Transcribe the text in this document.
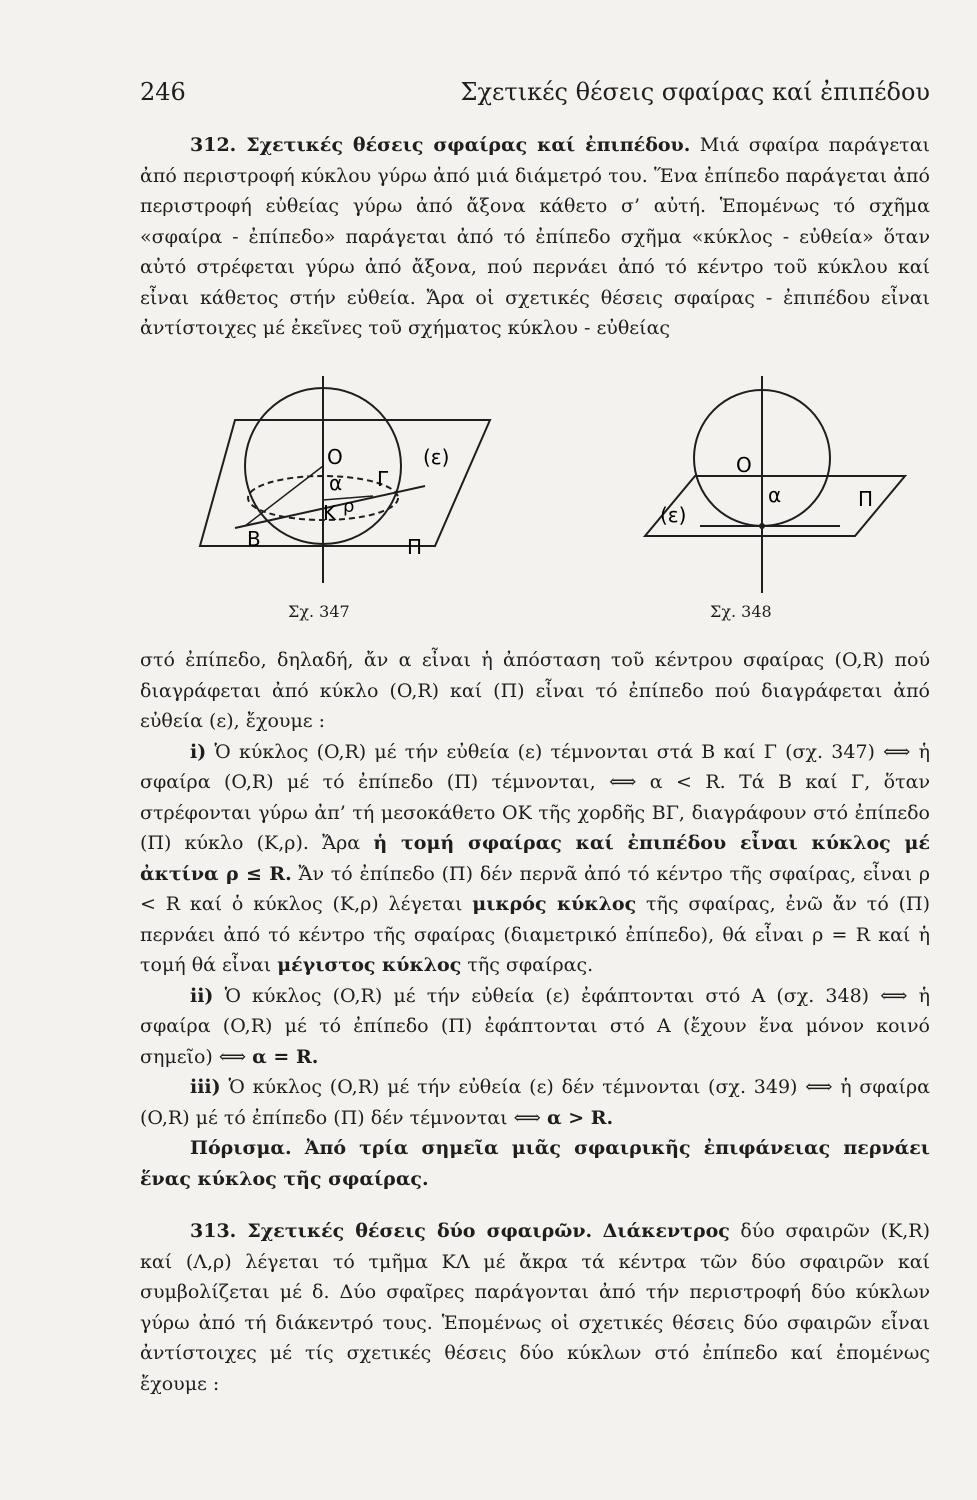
246	Σχετικές θέσεις σφαίρας καί ἐπιπέδου

312. Σχετικές θέσεις σφαίρας καί ἐπιπέδου. Μιά σφαίρα παράγεται ἀπό περιστροφή κύκλου γύρω ἀπό μιά διάμετρό του. Ἕνα ἐπίπεδο παράγεται ἀπό περιστροφή εὐθείας γύρω ἀπό ἄξονα κάθετο σ’ αὐτή. Ἑπομένως τό σχῆμα «σφαίρα - ἐπίπεδο» παράγεται ἀπό τό ἐπίπεδο σχῆμα «κύκλος - εὐθεία» ὅταν αὐτό στρέφεται γύρω ἀπό ἄξονα, πού περνάει ἀπό τό κέντρο τοῦ κύκλου καί εἶναι κάθετος στήν εὐθεία. Ἄρα οἱ σχετικές θέσεις σφαίρας - ἐπιπέδου εἶναι ἀντίστοιχες μέ ἐκεῖνες τοῦ σχήματος κύκλου - εὐθείας

O
α Γ
(ε)
K ρ
B	Π
Σχ. 347
O
α	Π
(ε)
Σχ. 348

στό ἐπίπεδο, δηλαδή, ἄν α εἶναι ἡ ἀπόσταση τοῦ κέντρου σφαίρας (O,R) πού διαγράφεται ἀπό κύκλο (O,R) καί (Π) εἶναι τό ἐπίπεδο πού διαγράφεται ἀπό εὐθεία (ε), ἔχουμε :

i) Ὁ κύκλος (O,R) μέ τήν εὐθεία (ε) τέμνονται στά B καί Γ (σχ. 347) ⟺ ἡ σφαίρα (O,R) μέ τό ἐπίπεδο (Π) τέμνονται, ⟺ α < R. Τά B καί Γ, ὅταν στρέφονται γύρω ἀπ’ τή μεσοκάθετο OK τῆς χορδῆς BΓ, διαγράφουν στό ἐπίπεδο (Π) κύκλο (K,ρ). Ἄρα ἡ τομή σφαίρας καί ἐπιπέδου εἶναι κύκλος μέ ἀκτίνα ρ ≤ R. Ἄν τό ἐπίπεδο (Π) δέν περνᾶ ἀπό τό κέντρο τῆς σφαίρας, εἶναι ρ < R καί ὁ κύκλος (K,ρ) λέγεται μικρός κύκλος τῆς σφαίρας, ἐνῶ ἄν τό (Π) περνάει ἀπό τό κέντρο τῆς σφαίρας (διαμετρικό ἐπίπεδο), θά εἶναι ρ = R καί ἡ τομή θά εἶναι μέγιστος κύκλος τῆς σφαίρας.

ii) Ὁ κύκλος (O,R) μέ τήν εὐθεία (ε) ἐφάπτονται στό A (σχ. 348) ⟺ ἡ σφαίρα (O,R) μέ τό ἐπίπεδο (Π) ἐφάπτονται στό A (ἔχουν ἕνα μόνον κοινό σημεῖο) ⟺ α = R.

iii) Ὁ κύκλος (O,R) μέ τήν εὐθεία (ε) δέν τέμνονται (σχ. 349) ⟺ ἡ σφαίρα (O,R) μέ τό ἐπίπεδο (Π) δέν τέμνονται ⟺ α > R.

Πόρισμα. Ἀπό τρία σημεῖα μιᾶς σφαιρικῆς ἐπιφάνειας περνάει ἕνας κύκλος τῆς σφαίρας.

313. Σχετικές θέσεις δύο σφαιρῶν. Διάκεντρος δύο σφαιρῶν (K,R) καί (Λ,ρ) λέγεται τό τμῆμα KΛ μέ ἄκρα τά κέντρα τῶν δύο σφαιρῶν καί συμβολίζεται μέ δ. Δύο σφαῖρες παράγονται ἀπό τήν περιστροφή δύο κύκλων γύρω ἀπό τή διάκεντρό τους. Ἑπομένως οἱ σχετικές θέσεις δύο σφαιρῶν εἶναι ἀντίστοιχες μέ τίς σχετικές θέσεις δύο κύκλων στό ἐπίπεδο καί ἑπομένως ἔχουμε :
